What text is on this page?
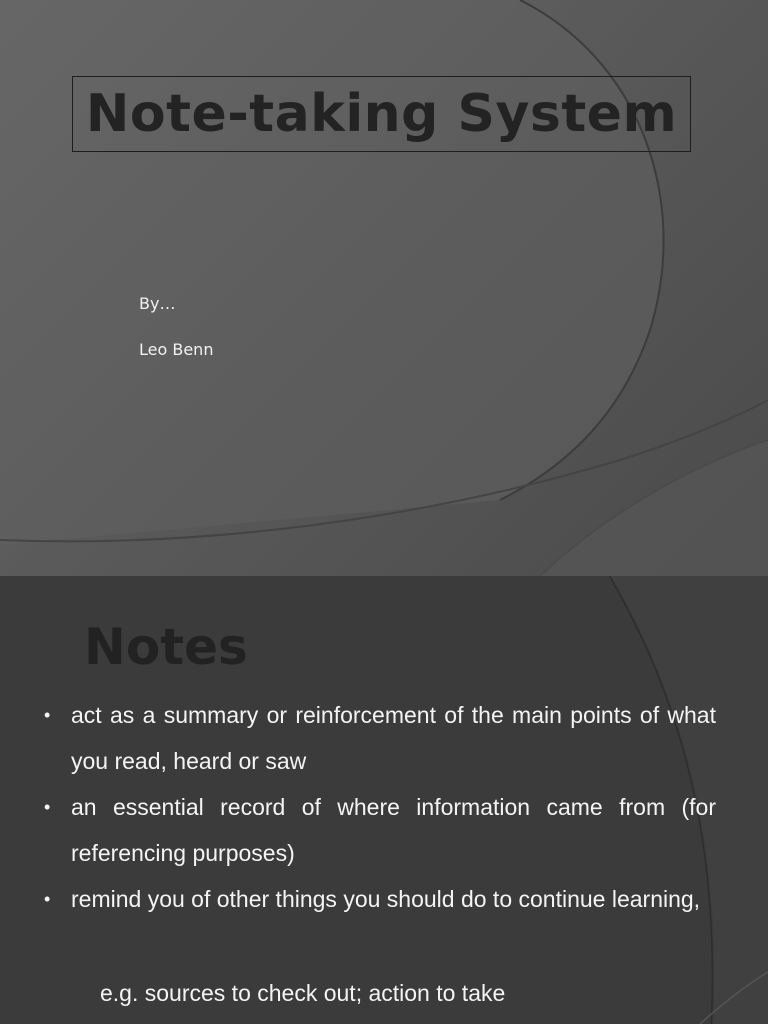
Note-taking System
By…
Leo Benn
Notes
• act as a summary or reinforcement of the main points of what you read, heard or saw
• an essential record of where information came from (for referencing purposes)
• remind you of other things you should do to continue learning,
e.g. sources to check out; action to take
